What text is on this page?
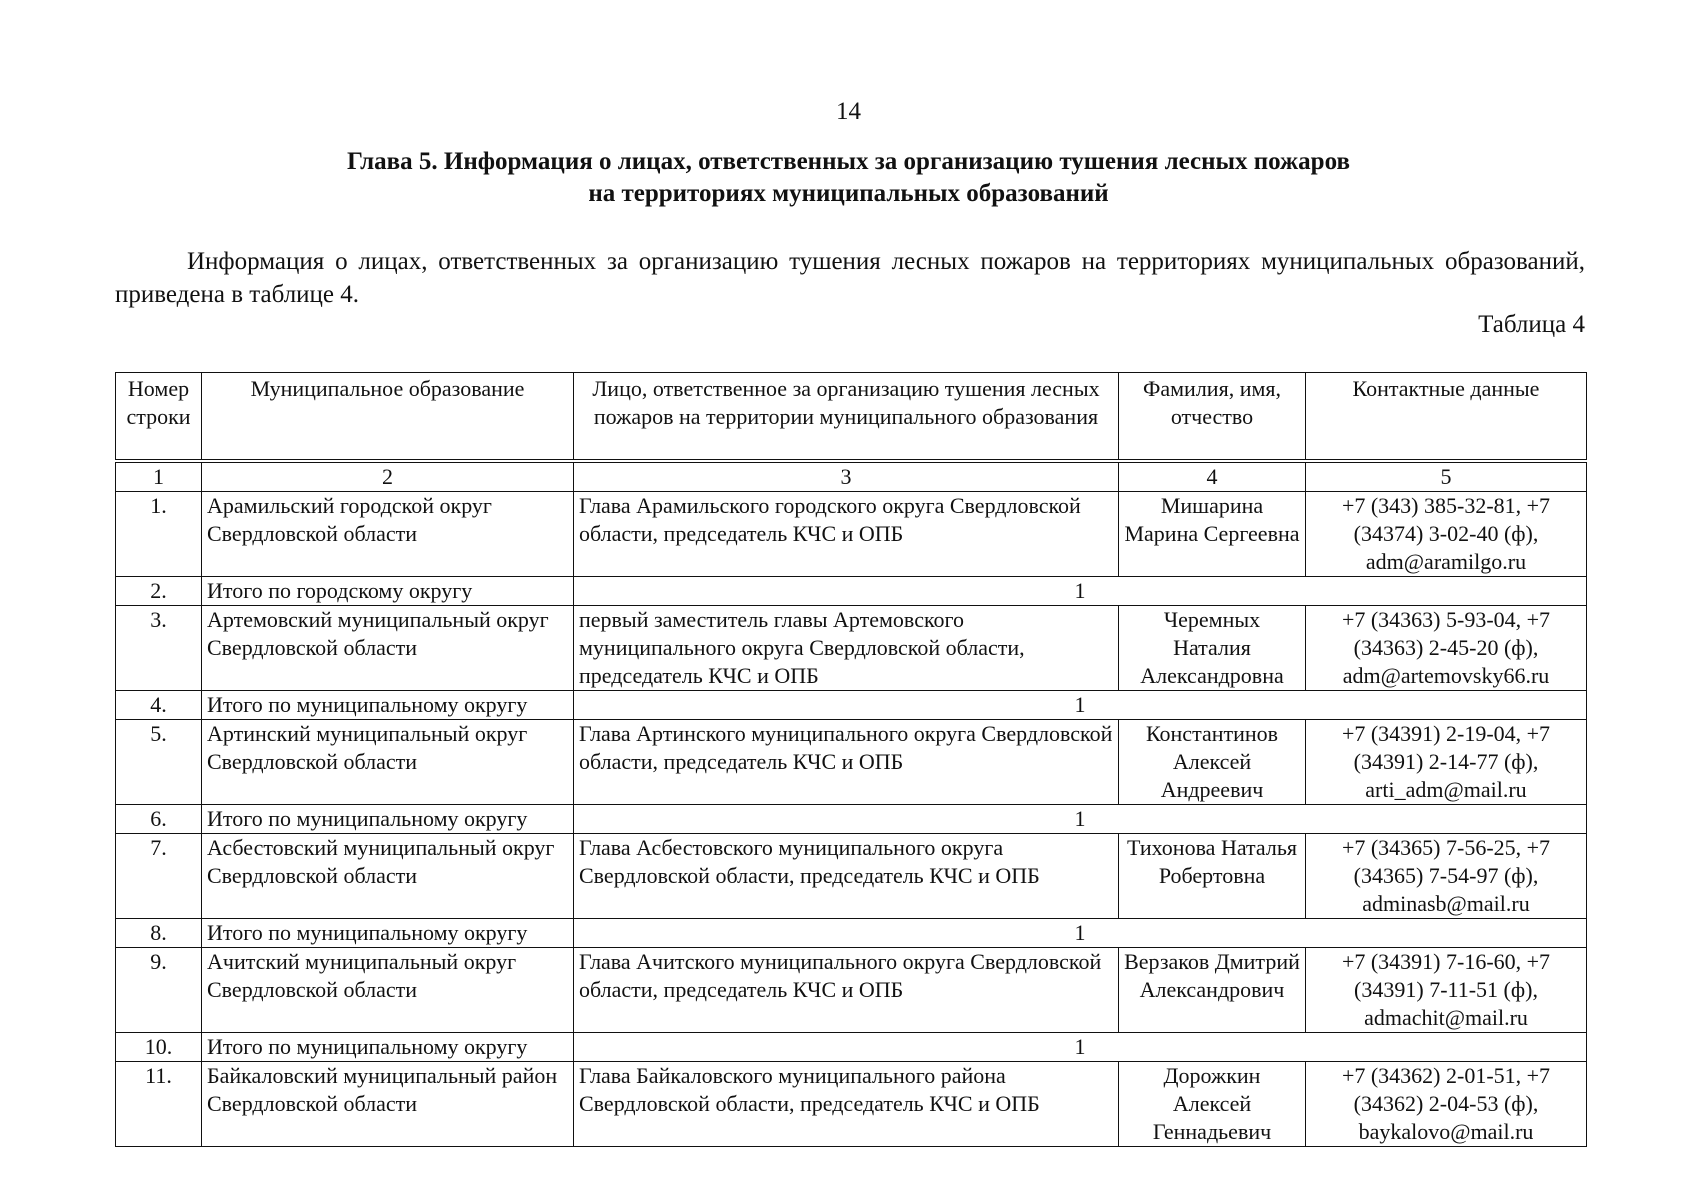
14
Глава 5. Информация о лицах, ответственных за организацию тушения лесных пожаров
на территориях муниципальных образований

Информация о лицах, ответственных за организацию тушения лесных пожаров на территориях муниципальных образований, приведена в таблице 4.

Таблица 4
Номер строки	Муниципальное образование	Лицо, ответственное за организацию тушения лесных пожаров на территории муниципального образования	Фамилия, имя, отчество	Контактные данные

1	2	3	4	5
1.	Арамильский городской округ Свердловской области	Глава Арамильского городского округа Свердловской области, председатель КЧС и ОПБ	Мишарина Марина Сергеевна	+7 (343) 385-32-81, +7 (34374) 3-02-40 (ф), adm@aramilgo.ru
2.	Итого по городскому округу	1		
3.	Артемовский муниципальный округ Свердловской области	первый заместитель главы Артемовского муниципального округа Свердловской области, председатель КЧС и ОПБ	Черемных Наталия Александровна	+7 (34363) 5-93-04, +7 (34363) 2-45-20 (ф), adm@artemovsky66.ru
4.	Итого по муниципальному округу	1		
5.	Артинский муниципальный округ Свердловской области	Глава Артинского муниципального округа Свердловской области, председатель КЧС и ОПБ	Константинов Алексей Андреевич	+7 (34391) 2-19-04, +7 (34391) 2-14-77 (ф), arti_adm@mail.ru
6.	Итого по муниципальному округу	1		
7.	Асбестовский муниципальный округ Свердловской области	Глава Асбестовского муниципального округа Свердловской области, председатель КЧС и ОПБ	Тихонова Наталья Робертовна	+7 (34365) 7-56-25, +7 (34365) 7-54-97 (ф), adminasb@mail.ru
8.	Итого по муниципальному округу	1		
9.	Ачитский муниципальный округ Свердловской области	Глава Ачитского муниципального округа Свердловской области, председатель КЧС и ОПБ	Верзаков Дмитрий Александрович	+7 (34391) 7-16-60, +7 (34391) 7-11-51 (ф), admachit@mail.ru
10.	Итого по муниципальному округу	1		
11.	Байкаловский муниципальный район Свердловской области	Глава Байкаловского муниципального района Свердловской области, председатель КЧС и ОПБ	Дорожкин Алексей Геннадьевич	+7 (34362) 2-01-51, +7 (34362) 2-04-53 (ф), baykalovo@mail.ru
